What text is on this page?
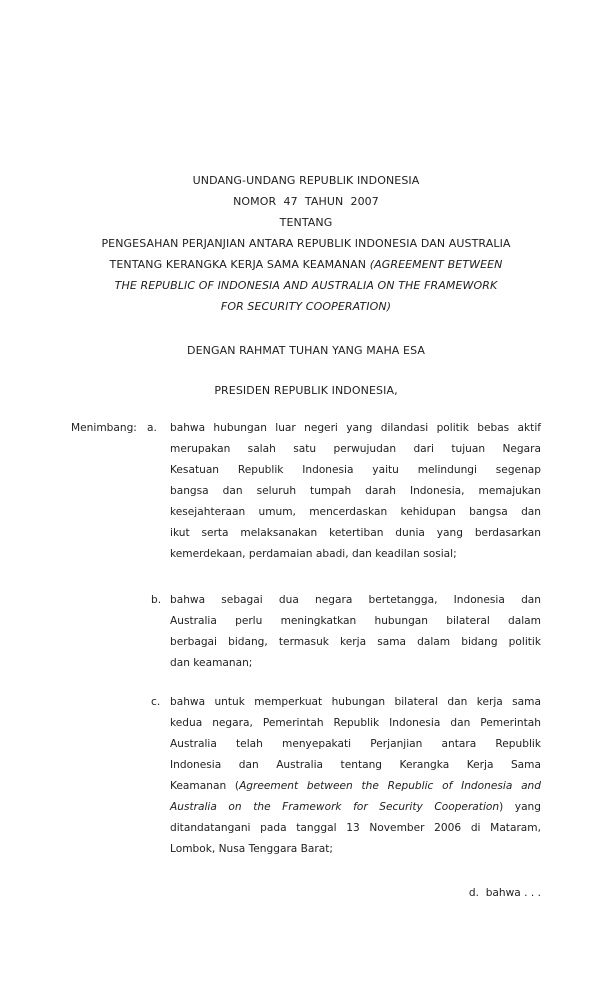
UNDANG-UNDANG REPUBLIK INDONESIA
NOMOR  47  TAHUN  2007
TENTANG
PENGESAHAN PERJANJIAN ANTARA REPUBLIK INDONESIA DAN AUSTRALIA
TENTANG KERANGKA KERJA SAMA KEAMANAN (AGREEMENT BETWEEN
THE REPUBLIC OF INDONESIA AND AUSTRALIA ON THE FRAMEWORK
FOR SECURITY COOPERATION)
DENGAN RAHMAT TUHAN YANG MAHA ESA
PRESIDEN REPUBLIK INDONESIA,
Menimbang: a. bahwa hubungan luar negeri yang dilandasi politik bebas aktif
merupakan salah satu perwujudan dari tujuan Negara
Kesatuan Republik Indonesia yaitu melindungi segenap
bangsa dan seluruh tumpah darah Indonesia, memajukan
kesejahteraan umum, mencerdaskan kehidupan bangsa dan
ikut serta melaksanakan ketertiban dunia yang berdasarkan
kemerdekaan, perdamaian abadi, dan keadilan sosial;
b. bahwa sebagai dua negara bertetangga, Indonesia dan
Australia perlu meningkatkan hubungan bilateral dalam
berbagai bidang, termasuk kerja sama dalam bidang politik
dan keamanan;
c. bahwa untuk memperkuat hubungan bilateral dan kerja sama
kedua negara, Pemerintah Republik Indonesia dan Pemerintah
Australia telah menyepakati Perjanjian antara Republik
Indonesia dan Australia tentang Kerangka Kerja Sama
Keamanan (Agreement between the Republic of Indonesia and
Australia on the Framework for Security Cooperation) yang
ditandatangani pada tanggal 13 November 2006 di Mataram,
Lombok, Nusa Tenggara Barat;
d.  bahwa . . .
